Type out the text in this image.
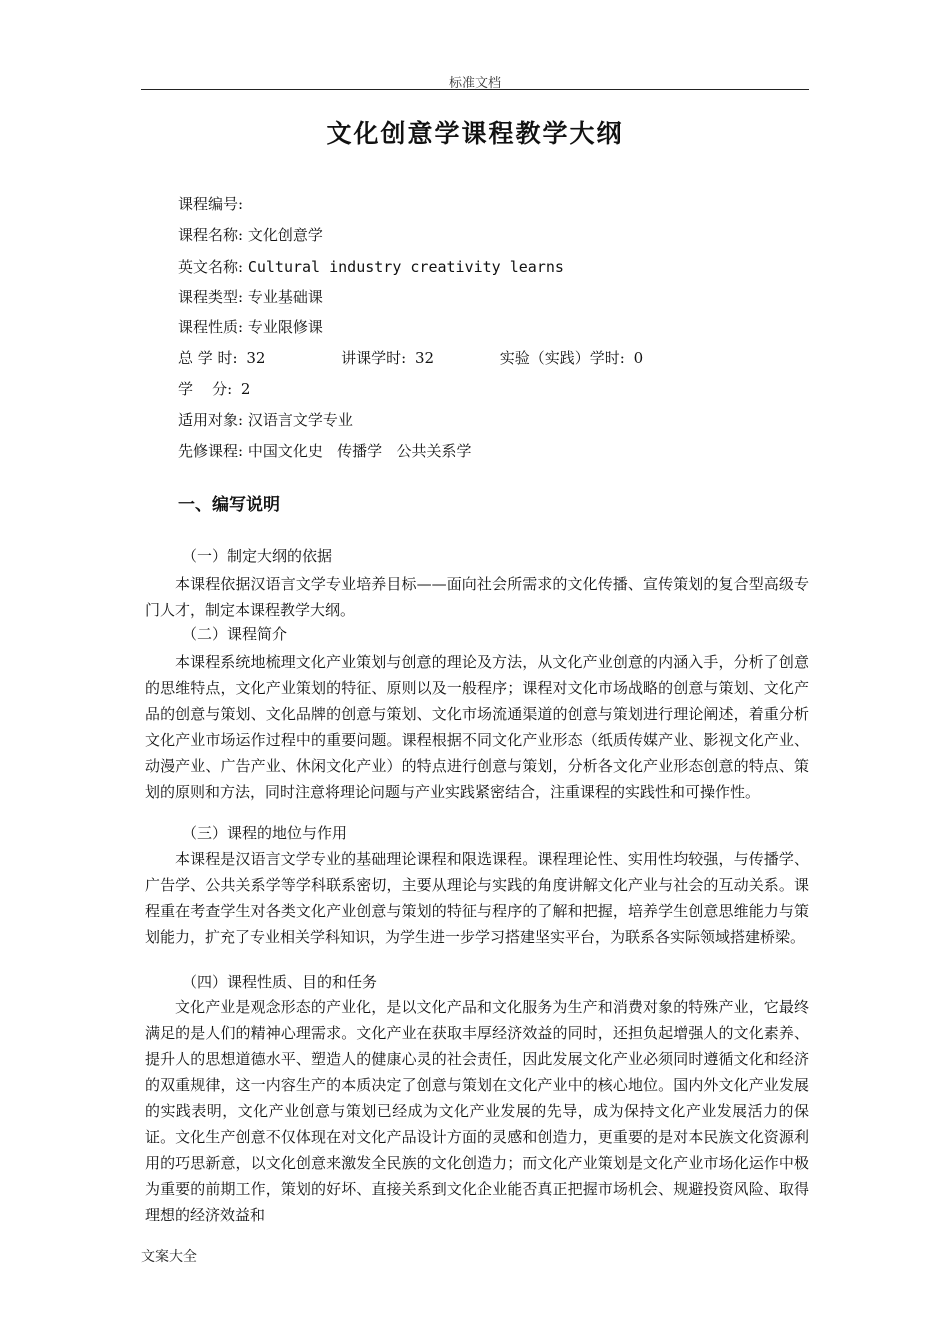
标准文档
文化创意学课程教学大纲
课程编号:
课程名称: 文化创意学
英文名称: Cultural industry creativity learns
课程类型: 专业基础课
课程性质: 专业限修课
总 学 时: 32	讲课学时: 32	实验（实践）学时: 0
学    分: 2
适用对象: 汉语言文学专业
先修课程: 中国文化史   传播学   公共关系学
一、编写说明
（一）制定大纲的依据

本课程依据汉语言文学专业培养目标——面向社会所需求的文化传播、宣传策划的复合型高级专门人才，制定本课程教学大纲。

（二）课程简介

本课程系统地梳理文化产业策划与创意的理论及方法，从文化产业创意的内涵入手，分析了创意的思维特点，文化产业策划的特征、原则以及一般程序；课程对文化市场战略的创意与策划、文化产品的创意与策划、文化品牌的创意与策划、文化市场流通渠道的创意与策划进行理论阐述，着重分析文化产业市场运作过程中的重要问题。课程根据不同文化产业形态（纸质传媒产业、影视文化产业、动漫产业、广告产业、休闲文化产业）的特点进行创意与策划，分析各文化产业形态创意的特点、策划的原则和方法，同时注意将理论问题与产业实践紧密结合，注重课程的实践性和可操作性。

（三）课程的地位与作用

本课程是汉语言文学专业的基础理论课程和限选课程。课程理论性、实用性均较强，与传播学、广告学、公共关系学等学科联系密切，主要从理论与实践的角度讲解文化产业与社会的互动关系。课程重在考查学生对各类文化产业创意与策划的特征与程序的了解和把握，培养学生创意思维能力与策划能力，扩充了专业相关学科知识，为学生进一步学习搭建坚实平台，为联系各实际领域搭建桥梁。

（四）课程性质、目的和任务

文化产业是观念形态的产业化，是以文化产品和文化服务为生产和消费对象的特殊产业，它最终满足的是人们的精神心理需求。文化产业在获取丰厚经济效益的同时，还担负起增强人的文化素养、提升人的思想道德水平、塑造人的健康心灵的社会责任，因此发展文化产业必须同时遵循文化和经济的双重规律，这一内容生产的本质决定了创意与策划在文化产业中的核心地位。国内外文化产业发展的实践表明，文化产业创意与策划已经成为文化产业发展的先导，成为保持文化产业发展活力的保证。文化生产创意不仅体现在对文化产品设计方面的灵感和创造力，更重要的是对本民族文化资源利用的巧思新意，以文化创意来激发全民族的文化创造力；而文化产业策划是文化产业市场化运作中极为重要的前期工作，策划的好坏、直接关系到文化企业能否真正把握市场机会、规避投资风险、取得理想的经济效益和

文案大全
